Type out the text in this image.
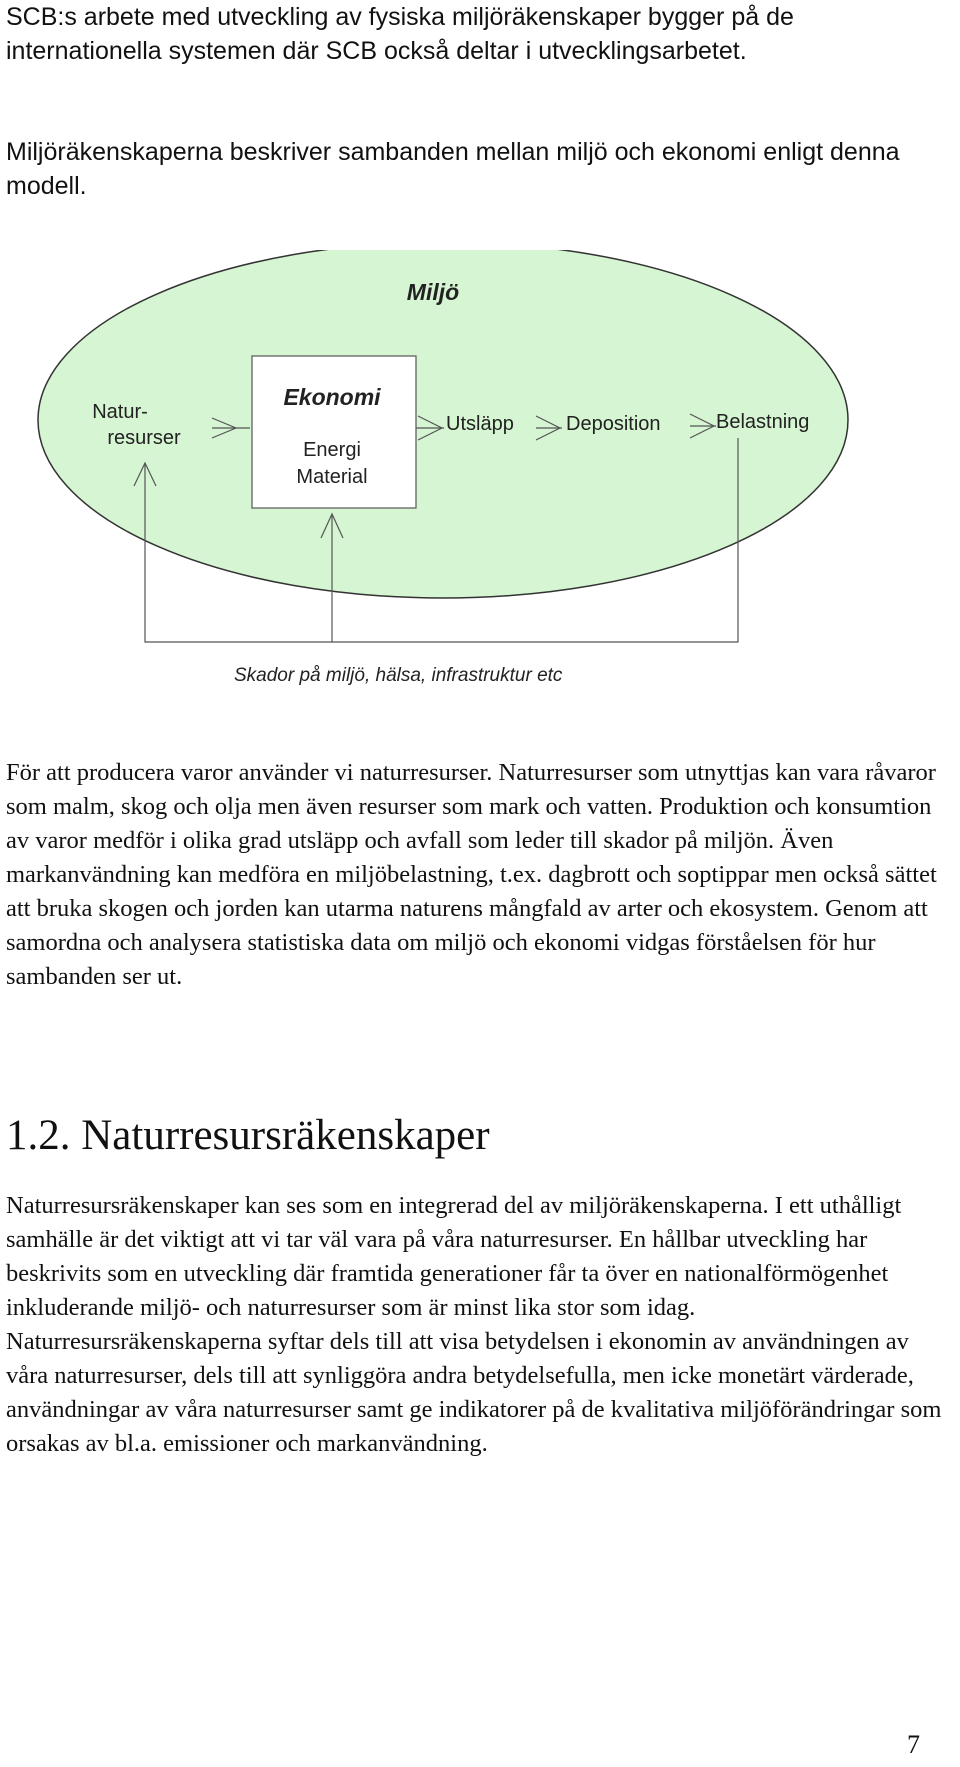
SCB:s arbete med utveckling av fysiska miljöräkenskaper bygger på de internationella systemen där SCB också deltar i utvecklingsarbetet.

Miljöräkenskaperna beskriver sambanden mellan miljö och ekonomi enligt denna modell.

Miljö
Natur-
resurser
Ekonomi
Energi
Material
Utsläpp	Deposition	Belastning
Skador på miljö, hälsa, infrastruktur etc

För att producera varor använder vi naturresurser. Naturresurser som utnyttjas kan vara råvaror som malm, skog och olja men även resurser som mark och vatten. Produktion och konsumtion av varor medför i olika grad utsläpp och avfall som leder till skador på miljön. Även markanvändning kan medföra en miljöbelastning, t.ex. dagbrott och soptippar men också sättet att bruka skogen och jorden kan utarma naturens mångfald av arter och ekosystem. Genom att samordna och analysera statistiska data om miljö och ekonomi vidgas förståelsen för hur sambanden ser ut.

1.2. Naturresursräkenskaper

Naturresursräkenskaper kan ses som en integrerad del av miljöräkenskaperna. I ett uthålligt samhälle är det viktigt att vi tar väl vara på våra naturresurser. En hållbar utveckling har beskrivits som en utveckling där framtida generationer får ta över en nationalförmögenhet inkluderande miljö- och naturresurser som är minst lika stor som idag. Naturresursräkenskaperna syftar dels till att visa betydelsen i ekonomin av användningen av våra naturresurser, dels till att synliggöra andra betydelsefulla, men icke monetärt värderade, användningar av våra naturresurser samt ge indikatorer på de kvalitativa miljöförändringar som orsakas av bl.a. emissioner och markanvändning.

7
